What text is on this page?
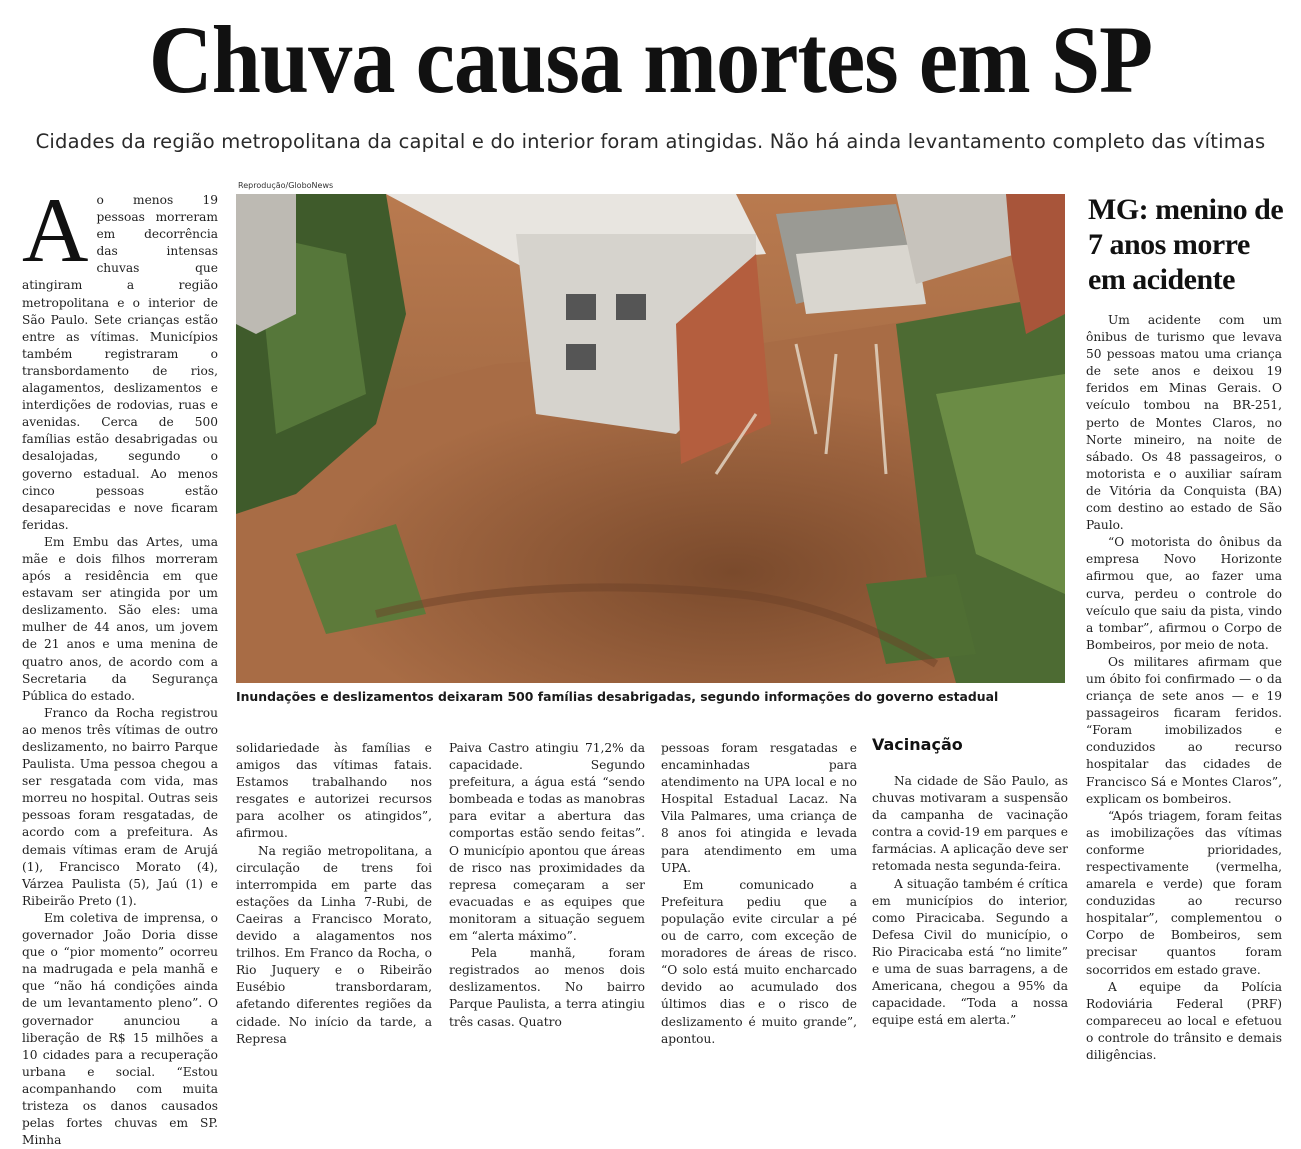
Chuva causa mortes em SP
Cidades da região metropolitana da capital e do interior foram atingidas. Não há ainda levantamento completo das vítimas

Ao menos 19 pessoas morreram em decorrência das intensas chuvas que atingiram a região metropolitana e o interior de São Paulo. Sete crianças estão entre as vítimas. Municípios também registraram o transbordamento de rios, alagamentos, deslizamentos e interdições de rodovias, ruas e avenidas. Cerca de 500 famílias estão desabrigadas ou desalojadas, segundo o governo estadual. Ao menos cinco pessoas estão desaparecidas e nove ficaram feridas.

Em Embu das Artes, uma mãe e dois filhos morreram após a residência em que estavam ser atingida por um deslizamento. São eles: uma mulher de 44 anos, um jovem de 21 anos e uma menina de quatro anos, de acordo com a Secretaria da Segurança Pública do estado.

Franco da Rocha registrou ao menos três vítimas de outro deslizamento, no bairro Parque Paulista. Uma pessoa chegou a ser resgatada com vida, mas morreu no hospital. Outras seis pessoas foram resgatadas, de acordo com a prefeitura. As demais vítimas eram de Arujá (1), Francisco Morato (4), Várzea Paulista (5), Jaú (1) e Ribeirão Preto (1).

Em coletiva de imprensa, o governador João Doria disse que o “pior momento” ocorreu na madrugada e pela manhã e que “não há condições ainda de um levantamento pleno”. O governador anunciou a liberação de R$ 15 milhões a 10 cidades para a recuperação urbana e social. “Estou acompanhando com muita tristeza os danos causados pelas fortes chuvas em SP. Minha

Reprodução/GloboNews
Inundações e deslizamentos deixaram 500 famílias desabrigadas, segundo informações do governo estadual

solidariedade às famílias e amigos das vítimas fatais. Estamos trabalhando nos resgates e autorizei recursos para acolher os atingidos”, afirmou.

Na região metropolitana, a circulação de trens foi interrompida em parte das estações da Linha 7-Rubi, de Caeiras a Francisco Morato, devido a alagamentos nos trilhos. Em Franco da Rocha, o Rio Juquery e o Ribeirão Eusébio transbordaram, afetando diferentes regiões da cidade. No início da tarde, a Represa

Paiva Castro atingiu 71,2% da capacidade. Segundo prefeitura, a água está “sendo bombeada e todas as manobras para evitar a abertura das comportas estão sendo feitas”. O município apontou que áreas de risco nas proximidades da represa começaram a ser evacuadas e as equipes que monitoram a situação seguem em “alerta máximo”.

Pela manhã, foram registrados ao menos dois deslizamentos. No bairro Parque Paulista, a terra atingiu três casas. Quatro

pessoas foram resgatadas e encaminhadas para atendimento na UPA local e no Hospital Estadual Lacaz. Na Vila Palmares, uma criança de 8 anos foi atingida e levada para atendimento em uma UPA.

Em comunicado a Prefeitura pediu que a população evite circular a pé ou de carro, com exceção de moradores de áreas de risco. “O solo está muito encharcado devido ao acumulado dos últimos dias e o risco de deslizamento é muito grande”, apontou.

Vacinação

Na cidade de São Paulo, as chuvas motivaram a suspensão da campanha de vacinação contra a covid-19 em parques e farmácias. A aplicação deve ser retomada nesta segunda-feira.

A situação também é crítica em municípios do interior, como Piracicaba. Segundo a Defesa Civil do município, o Rio Piracicaba está “no limite” e uma de suas barragens, a de Americana, chegou a 95% da capacidade. “Toda a nossa equipe está em alerta.”

MG: menino de 7 anos morre em acidente

Um acidente com um ônibus de turismo que levava 50 pessoas matou uma criança de sete anos e deixou 19 feridos em Minas Gerais. O veículo tombou na BR-251, perto de Montes Claros, no Norte mineiro, na noite de sábado. Os 48 passageiros, o motorista e o auxiliar saíram de Vitória da Conquista (BA) com destino ao estado de São Paulo.

“O motorista do ônibus da empresa Novo Horizonte afirmou que, ao fazer uma curva, perdeu o controle do veículo que saiu da pista, vindo a tombar”, afirmou o Corpo de Bombeiros, por meio de nota.

Os militares afirmam que um óbito foi confirmado — o da criança de sete anos — e 19 passageiros ficaram feridos. “Foram imobilizados e conduzidos ao recurso hospitalar das cidades de Francisco Sá e Montes Claros”, explicam os bombeiros.

“Após triagem, foram feitas as imobilizações das vítimas conforme prioridades, respectivamente (vermelha, amarela e verde) que foram conduzidas ao recurso hospitalar”, complementou o Corpo de Bombeiros, sem precisar quantos foram socorridos em estado grave.

A equipe da Polícia Rodoviária Federal (PRF) compareceu ao local e efetuou o controle do trânsito e demais diligências.
